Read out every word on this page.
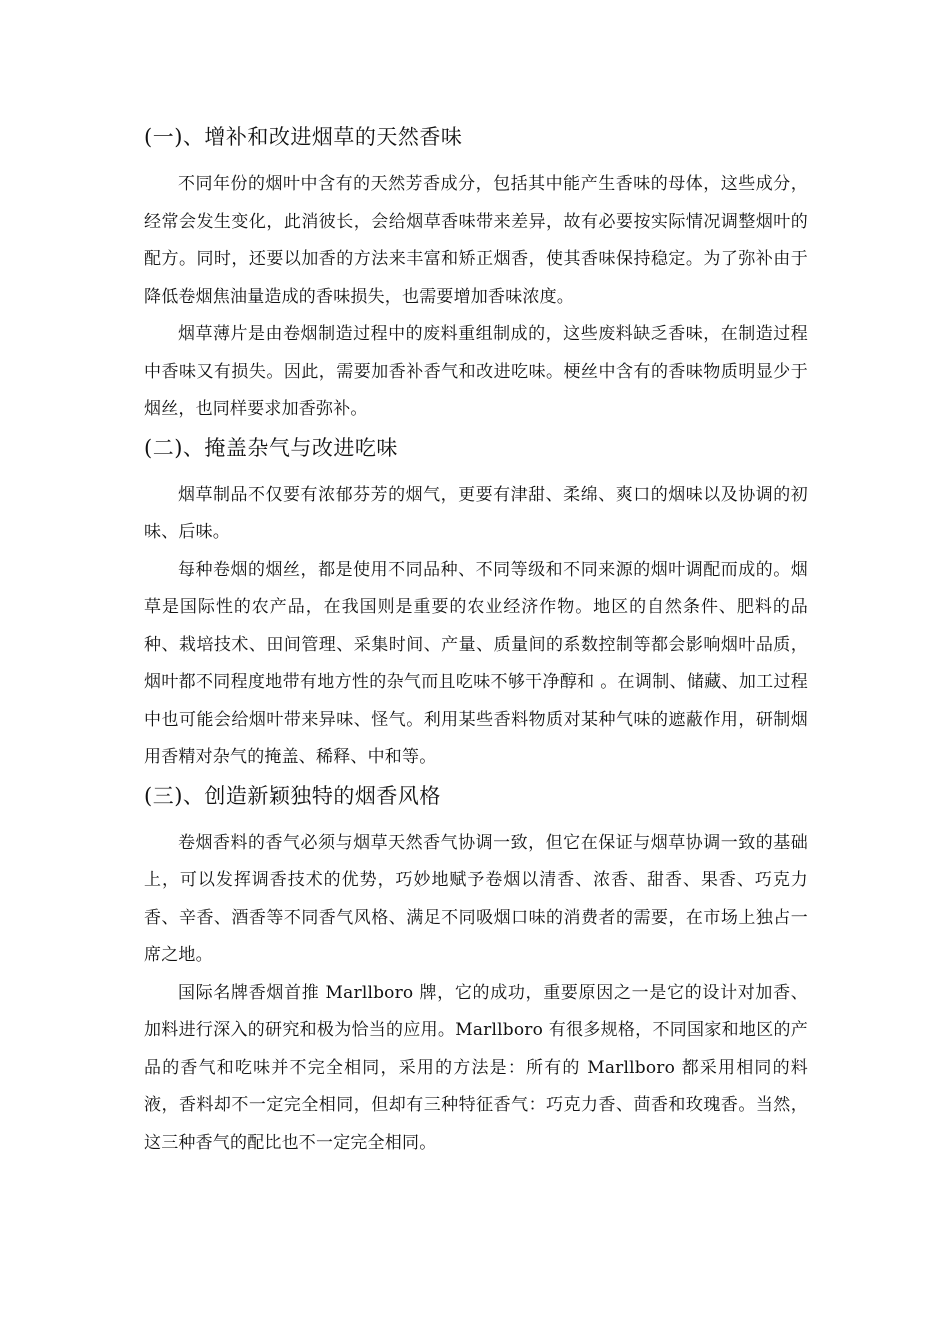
(一)、增补和改进烟草的天然香味

不同年份的烟叶中含有的天然芳香成分，包括其中能产生香味的母体，这些成分，经常会发生变化，此消彼长，会给烟草香味带来差异，故有必要按实际情况调整烟叶的配方。同时，还要以加香的方法来丰富和矫正烟香，使其香味保持稳定。为了弥补由于降低卷烟焦油量造成的香味损失，也需要增加香味浓度。

烟草薄片是由卷烟制造过程中的废料重组制成的，这些废料缺乏香味，在制造过程中香味又有损失。因此，需要加香补香气和改进吃味。梗丝中含有的香味物质明显少于烟丝，也同样要求加香弥补。

(二)、掩盖杂气与改进吃味

烟草制品不仅要有浓郁芬芳的烟气，更要有津甜、柔绵、爽口的烟味以及协调的初味、后味。

每种卷烟的烟丝，都是使用不同品种、不同等级和不同来源的烟叶调配而成的。烟草是国际性的农产品，在我国则是重要的农业经济作物。地区的自然条件、肥料的品种、栽培技术、田间管理、采集时间、产量、质量间的系数控制等都会影响烟叶品质，烟叶都不同程度地带有地方性的杂气而且吃味不够干净醇和 。在调制、储藏、加工过程中也可能会给烟叶带来异味、怪气。利用某些香料物质对某种气味的遮蔽作用，研制烟用香精对杂气的掩盖、稀释、中和等。

(三)、创造新颖独特的烟香风格

卷烟香料的香气必须与烟草天然香气协调一致，但它在保证与烟草协调一致的基础上，可以发挥调香技术的优势，巧妙地赋予卷烟以清香、浓香、甜香、果香、巧克力香、辛香、酒香等不同香气风格、满足不同吸烟口味的消费者的需要，在市场上独占一席之地。

国际名牌香烟首推 Marllboro 牌，它的成功，重要原因之一是它的设计对加香、加料进行深入的研究和极为恰当的应用。Marllboro 有很多规格，不同国家和地区的产品的香气和吃味并不完全相同，采用的方法是：所有的 Marllboro 都采用相同的料液，香料却不一定完全相同，但却有三种特征香气：巧克力香、茴香和玫瑰香。当然，这三种香气的配比也不一定完全相同。
